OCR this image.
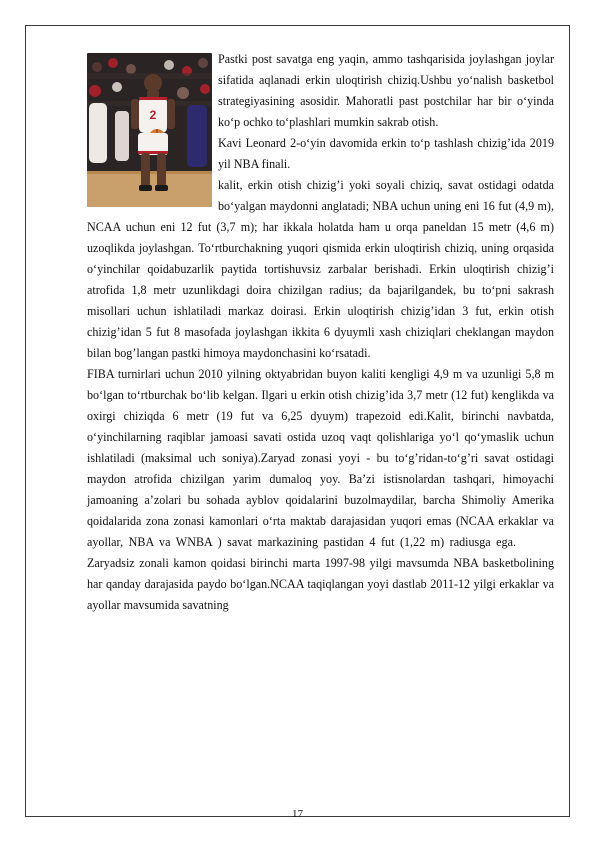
2

Pastki post savatga eng yaqin, ammo tashqarisida joylashgan joylar sifatida aqlanadi erkin uloqtirish chiziq.Ushbu yo‘nalish basketbol strategiyasining asosidir. Mahoratli past postchilar har bir o‘yinda ko‘p ochko to‘plashlari mumkin sakrab otish.

Kavi Leonard 2-o‘yin davomida erkin to‘p tashlash chizig’ida 2019 yil NBA finali.

kalit, erkin otish chizig’i yoki soyali chiziq, savat ostidagi odatda bo‘yalgan maydonni anglatadi; NBA uchun uning eni 16 fut (4,9 m), NCAA uchun eni 12 fut (3,7 m); har ikkala holatda ham u orqa paneldan 15 metr (4,6 m) uzoqlikda joylashgan. To‘rtburchakning yuqori qismida erkin uloqtirish chiziq, uning orqasida o‘yinchilar qoidabuzarlik paytida tortishuvsiz zarbalar berishadi. Erkin uloqtirish chizig’i atrofida 1,8 metr uzunlikdagi doira chizilgan radius; da bajarilgandek, bu to‘pni sakrash misollari uchun ishlatiladi markaz doirasi. Erkin uloqtirish chizig’idan 3 fut, erkin otish chizig’idan 5 fut 8 masofada joylashgan ikkita 6 dyuymli xash chiziqlari cheklangan maydon bilan bog’langan pastki himoya maydonchasini ko‘rsatadi.

FIBA turnirlari uchun 2010 yilning oktyabridan buyon kaliti kengligi 4,9 m va uzunligi 5,8 m bo‘lgan to‘rtburchak bo‘lib kelgan. Ilgari u erkin otish chizig’ida 3,7 metr (12 fut) kenglikda va oxirgi chiziqda 6 metr (19 fut va 6,25 dyuym) trapezoid edi.Kalit, birinchi navbatda, o‘yinchilarning raqiblar jamoasi savati ostida uzoq vaqt qolishlariga yo‘l qo‘ymaslik uchun ishlatiladi (maksimal uch soniya).Zaryad zonasi yoyi - bu to‘g’ridan-to‘g’ri savat ostidagi maydon atrofida chizilgan yarim dumaloq yoy. Ba’zi istisnolardan tashqari, himoyachi jamoaning a’zolari bu sohada ayblov qoidalarini buzolmaydilar, barcha Shimoliy Amerika qoidalarida zona zonasi kamonlari o‘rta maktab darajasidan yuqori emas (NCAA erkaklar va ayollar, NBA va WNBA ) savat markazining pastidan 4 fut (1,22 m) radiusga ega.Zaryadsiz zonali kamon qoidasi birinchi marta 1997-98 yilgi mavsumda NBA basketbolining har qanday darajasida paydo bo‘lgan.NCAA taqiqlangan yoyi dastlab 2011-12 yilgi erkaklar va ayollar mavsumida savatning

17
